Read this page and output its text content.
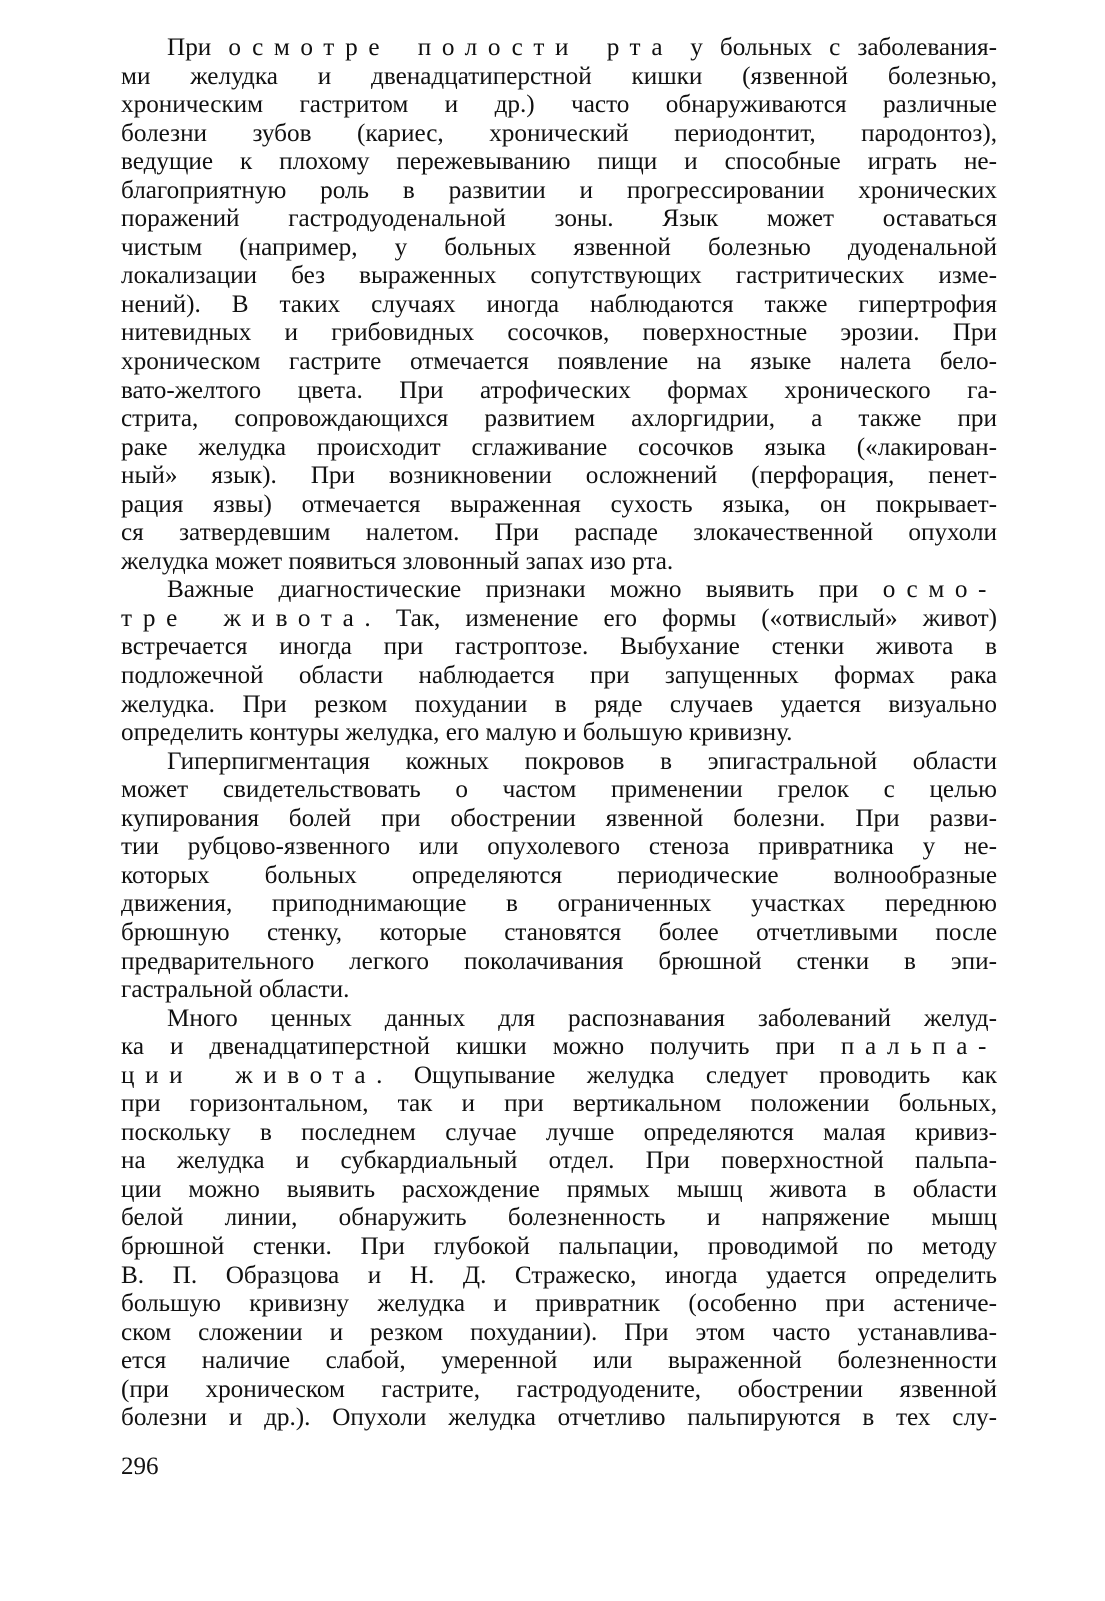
При осмотре полости рта у больных с заболевания-
ми желудка и двенадцатиперстной кишки (язвенной болезнью,
хроническим гастритом и др.) часто обнаруживаются различные
болезни зубов (кариес, хронический периодонтит, пародонтоз),
ведущие к плохому пережевыванию пищи и способные играть не-
благоприятную роль в развитии и прогрессировании хронических
поражений гастродуоденальной зоны. Язык может оставаться
чистым (например, у больных язвенной болезнью дуоденальной
локализации без выраженных сопутствующих гастритических изме-
нений). В таких случаях иногда наблюдаются также гипертрофия
нитевидных и грибовидных сосочков, поверхностные эрозии. При
хроническом гастрите отмечается появление на языке налета бело-
вато-желтого цвета. При атрофических формах хронического га-
стрита, сопровождающихся развитием ахлоргидрии, а также при
раке желудка происходит сглаживание сосочков языка («лакирован-
ный» язык). При возникновении осложнений (перфорация, пенет-
рация язвы) отмечается выраженная сухость языка, он покрывает-
ся затвердевшим налетом. При распаде злокачественной опухоли
желудка может появиться зловонный запах изо рта.
Важные диагностические признаки можно выявить при осмо-
тре живота. Так, изменение его формы («отвислый» живот)
встречается иногда при гастроптозе. Выбухание стенки живота в
подложечной области наблюдается при запущенных формах рака
желудка. При резком похудании в ряде случаев удается визуально
определить контуры желудка, его малую и большую кривизну.
Гиперпигментация кожных покровов в эпигастральной области
может свидетельствовать о частом применении грелок с целью
купирования болей при обострении язвенной болезни. При разви-
тии рубцово-язвенного или опухолевого стеноза привратника у не-
которых больных определяются периодические волнообразные
движения, приподнимающие в ограниченных участках переднюю
брюшную стенку, которые становятся более отчетливыми после
предварительного легкого поколачивания брюшной стенки в эпи-
гастральной области.
Много ценных данных для распознавания заболеваний желуд-
ка и двенадцатиперстной кишки можно получить при пальпа-
ции живота. Ощупывание желудка следует проводить как
при горизонтальном, так и при вертикальном положении больных,
поскольку в последнем случае лучше определяются малая кривиз-
на желудка и субкардиальный отдел. При поверхностной пальпа-
ции можно выявить расхождение прямых мышц живота в области
белой линии, обнаружить болезненность и напряжение мышц
брюшной стенки. При глубокой пальпации, проводимой по методу
В. П. Образцова и Н. Д. Стражеско, иногда удается определить
большую кривизну желудка и привратник (особенно при астениче-
ском сложении и резком похудании). При этом часто устанавлива-
ется наличие слабой, умеренной или выраженной болезненности
(при хроническом гастрите, гастродуодените, обострении язвенной
болезни и др.). Опухоли желудка отчетливо пальпируются в тех слу-
296
